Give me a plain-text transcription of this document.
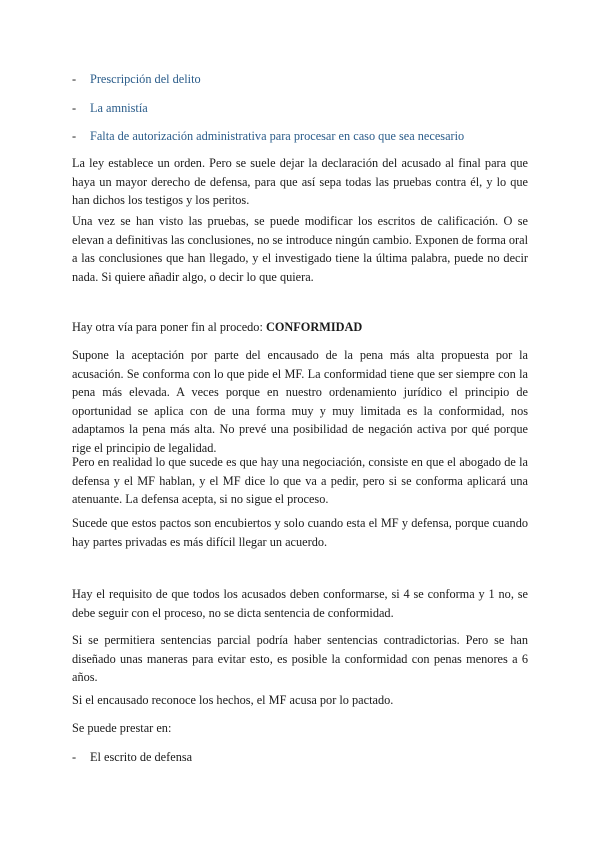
- Prescripción del delito
- La amnistía
- Falta de autorización administrativa para procesar en caso que sea necesario
La ley establece un orden. Pero se suele dejar la declaración del acusado al final para que haya un mayor derecho de defensa, para que así sepa todas las pruebas contra él, y lo que han dichos los testigos y los peritos.
Una vez se han visto las pruebas, se puede modificar los escritos de calificación. O se elevan a definitivas las conclusiones, no se introduce ningún cambio. Exponen de forma oral a las conclusiones que han llegado, y el investigado tiene la última palabra, puede no decir nada. Si quiere añadir algo, o decir lo que quiera.
Hay otra vía para poner fin al procedo: CONFORMIDAD
Supone la aceptación por parte del encausado de la pena más alta propuesta por la acusación. Se conforma con lo que pide el MF. La conformidad tiene que ser siempre con la pena más elevada. A veces porque en nuestro ordenamiento jurídico el principio de oportunidad se aplica con de una forma muy y muy limitada es la conformidad, nos adaptamos la pena más alta. No prevé una posibilidad de negación activa por qué porque rige el principio de legalidad.
Pero en realidad lo que sucede es que hay una negociación, consiste en que el abogado de la defensa y el MF hablan, y el MF dice lo que va a pedir, pero si se conforma aplicará una atenuante. La defensa acepta, si no sigue el proceso.
Sucede que estos pactos son encubiertos y solo cuando esta el MF y defensa, porque cuando hay partes privadas es más difícil llegar un acuerdo.
Hay el requisito de que todos los acusados deben conformarse, si 4 se conforma y 1 no, se debe seguir con el proceso, no se dicta sentencia de conformidad.
Si se permitiera sentencias parcial podría haber sentencias contradictorias. Pero se han diseñado unas maneras para evitar esto, es posible la conformidad con penas menores a 6 años.
Si el encausado reconoce los hechos, el MF acusa por lo pactado.
Se puede prestar en:
- El escrito de defensa
